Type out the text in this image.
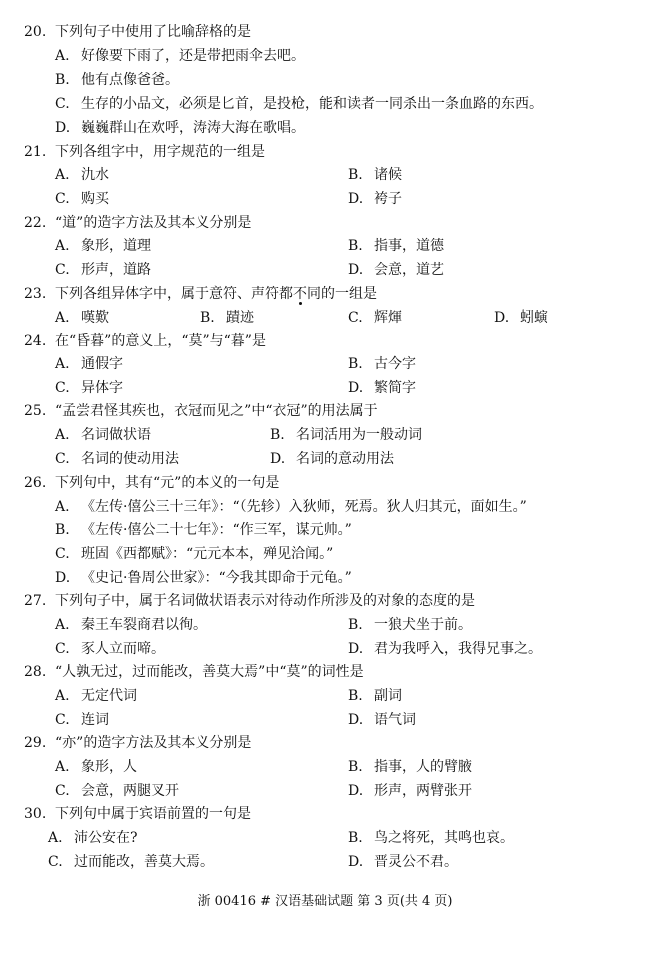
20. 下列句子中使用了比喻辞格的是
A. 好像要下雨了，还是带把雨伞去吧。
B. 他有点像爸爸。
C. 生存的小品文，必须是匕首，是投枪，能和读者一同杀出一条血路的东西。
D. 巍巍群山在欢呼，涛涛大海在歌唱。
21. 下列各组字中，用字规范的一组是
A. 氿水	B. 诸候
C. 购买	D. 袴子
22. “道”的造字方法及其本义分别是
A. 象形，道理	B. 指事，道德
C. 形声，道路	D. 会意，道艺
23. 下列各组异体字中，属于意符、声符都不同的一组是
A. 嘆歎	B. 蹟迹	C. 辉煇	D. 蚓螾
24. 在“昏暮”的意义上，“莫”与“暮”是
A. 通假字	B. 古今字
C. 异体字	D. 繁简字
25. “孟尝君怪其疾也，衣冠而见之”中“衣冠”的用法属于
A. 名词做状语	B. 名词活用为一般动词
C. 名词的使动用法	D. 名词的意动用法
26. 下列句中，其有“元”的本义的一句是
A. 《左传·僖公三十三年》：“（先轸）入狄师，死焉。狄人归其元，面如生。”
B. 《左传·僖公二十七年》：“作三军，谋元帅。”
C. 班固《西都赋》：“元元本本，殚见洽闻。”
D. 《史记·鲁周公世家》：“今我其即命于元龟。”
27. 下列句子中，属于名词做状语表示对待动作所涉及的对象的态度的是
A. 秦王车裂商君以徇。	B. 一狼犬坐于前。
C. 豕人立而啼。	D. 君为我呼入，我得兄事之。
28. “人孰无过，过而能改，善莫大焉”中“莫”的词性是
A. 无定代词	B. 副词
C. 连词	D. 语气词
29. “亦”的造字方法及其本义分别是
A. 象形，人	B. 指事，人的臂腋
C. 会意，两腿叉开	D. 形声，两臂张开
30. 下列句中属于宾语前置的一句是
A. 沛公安在?	B. 鸟之将死，其鸣也哀。
C. 过而能改，善莫大焉。	D. 晋灵公不君。
浙 00416 # 汉语基础试题 第 3 页(共 4 页)
